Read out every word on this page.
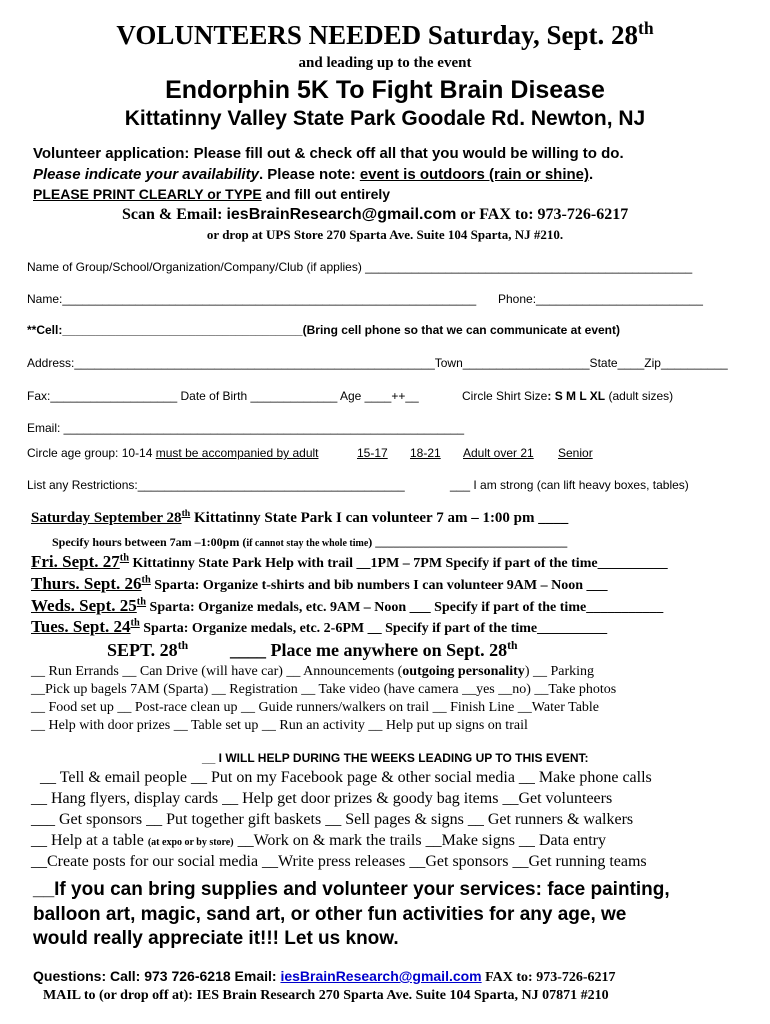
VOLUNTEERS NEEDED Saturday, Sept. 28th
and leading up to the event
Endorphin 5K To Fight Brain Disease
Kittatinny Valley State Park Goodale Rd. Newton, NJ
Volunteer application: Please fill out & check off all that you would be willing to do.
Please indicate your availability. Please note: event is outdoors (rain or shine).
PLEASE PRINT CLEARLY or TYPE and fill out entirely
Scan & Email: iesBrainResearch@gmail.com or FAX to: 973-726-6217
or drop at UPS Store 270 Sparta Ave. Suite 104 Sparta, NJ #210.
Name of Group/School/Organization/Company/Club (if applies) _________________________________________________
Name:______________________________________________________________ Phone:_________________________
**Cell:____________________________________(Bring cell phone so that we can communicate at event)
Address:______________________________________________________Town___________________State____Zip__________
Fax:___________________ Date of Birth _____________ Age ____++__	Circle Shirt Size: S M L XL (adult sizes)
Email: ____________________________________________________________
Circle age group: 10-14 must be accompanied by adult	15-17 18-21 Adult over 21 Senior
List any Restrictions:________________________________________	___ I am strong (can lift heavy boxes, tables)
Saturday September 28th Kittatinny State Park I can volunteer 7 am – 1:00 pm ____
Specify hours between 7am –1:00pm (if cannot stay the whole time) ________________________________
Fri. Sept. 27th Kittatinny State Park Help with trail __1PM – 7PM Specify if part of the time__________
Thurs. Sept. 26th Sparta: Organize t-shirts and bib numbers I can volunteer 9AM – Noon ___
Weds. Sept. 25th Sparta: Organize medals, etc. 9AM – Noon ___ Specify if part of the time___________
Tues. Sept. 24th Sparta: Organize medals, etc. 2-6PM __ Specify if part of the time__________
SEPT. 28th ____ Place me anywhere on Sept. 28th
__ Run Errands __ Can Drive (will have car) __ Announcements (outgoing personality) __ Parking
__Pick up bagels 7AM (Sparta) __ Registration __ Take video (have camera __yes __no) __Take photos
__ Food set up __ Post-race clean up __ Guide runners/walkers on trail __ Finish Line __Water Table
__ Help with door prizes __ Table set up __ Run an activity __ Help put up signs on trail
__ I WILL HELP DURING THE WEEKS LEADING UP TO THIS EVENT:
__ Tell & email people __ Put on my Facebook page & other social media __ Make phone calls
__ Hang flyers, display cards __ Help get door prizes & goody bag items __Get volunteers
___ Get sponsors __ Put together gift baskets __ Sell pages & signs __ Get runners & walkers
__ Help at a table (at expo or by store) __Work on & mark the trails __Make signs __ Data entry
__Create posts for our social media __Write press releases __Get sponsors __Get running teams
__If you can bring supplies and volunteer your services: face painting,
balloon art, magic, sand art, or other fun activities for any age, we
would really appreciate it!!! Let us know.
Questions: Call: 973 726-6218 Email: iesBrainResearch@gmail.com FAX to: 973-726-6217
MAIL to (or drop off at): IES Brain Research 270 Sparta Ave. Suite 104 Sparta, NJ 07871 #210
